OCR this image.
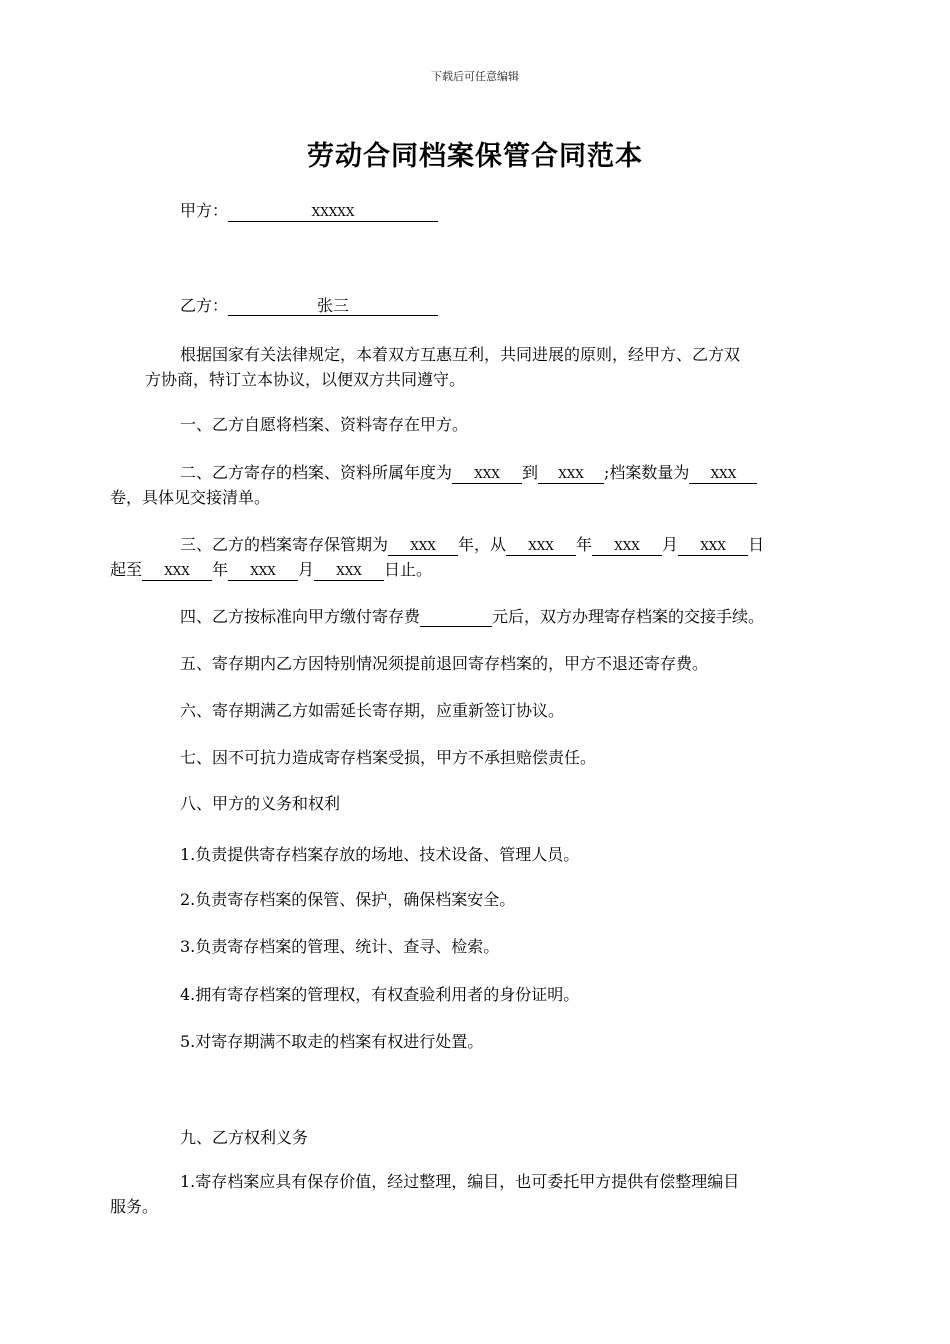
下载后可任意编辑
劳动合同档案保管合同范本
甲方：	XXXXX
乙方：	张三
根据国家有关法律规定，本着双方互惠互利，共同进展的原则，经甲方、乙方双
方协商，特订立本协议，以便双方共同遵守。
一、乙方自愿将档案、资料寄存在甲方。
二、乙方寄存的档案、资料所属年度为 XXX 到 XXX ;档案数量为 XXX
卷，具体见交接清单。
三、乙方的档案寄存保管期为 XXX 年，从 XXX 年 XXX 月 XXX 日
起至 XXX 年 XXX 月 XXX 日止。
四、乙方按标准向甲方缴付寄存费	元后，双方办理寄存档案的交接手续。
五、寄存期内乙方因特别情况须提前退回寄存档案的，甲方不退还寄存费。
六、寄存期满乙方如需延长寄存期，应重新签订协议。
七、因不可抗力造成寄存档案受损，甲方不承担赔偿责任。
八、甲方的义务和权利
1.负责提供寄存档案存放的场地、技术设备、管理人员。
2.负责寄存档案的保管、保护，确保档案安全。
3.负责寄存档案的管理、统计、查寻、检索。
4.拥有寄存档案的管理权，有权查验利用者的身份证明。
5.对寄存期满不取走的档案有权进行处置。
九、乙方权利义务
1.寄存档案应具有保存价值，经过整理，编目，也可委托甲方提供有偿整理编目
服务。
